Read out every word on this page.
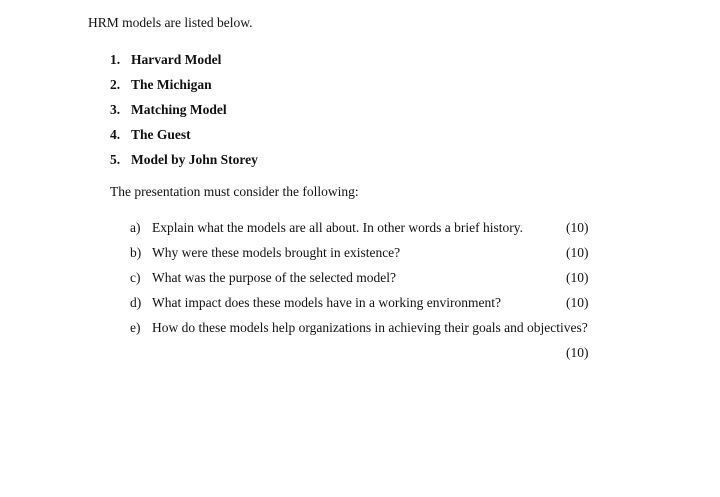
HRM models are listed below.
1. Harvard Model
2. The Michigan
3. Matching Model
4. The Guest
5. Model by John Storey
The presentation must consider the following:
a) Explain what the models are all about. In other words a brief history.	(10)
b) Why were these models brought in existence?	(10)
c) What was the purpose of the selected model?	(10)
d) What impact does these models have in a working environment?	(10)
e) How do these models help organizations in achieving their goals and objectives?
(10)
